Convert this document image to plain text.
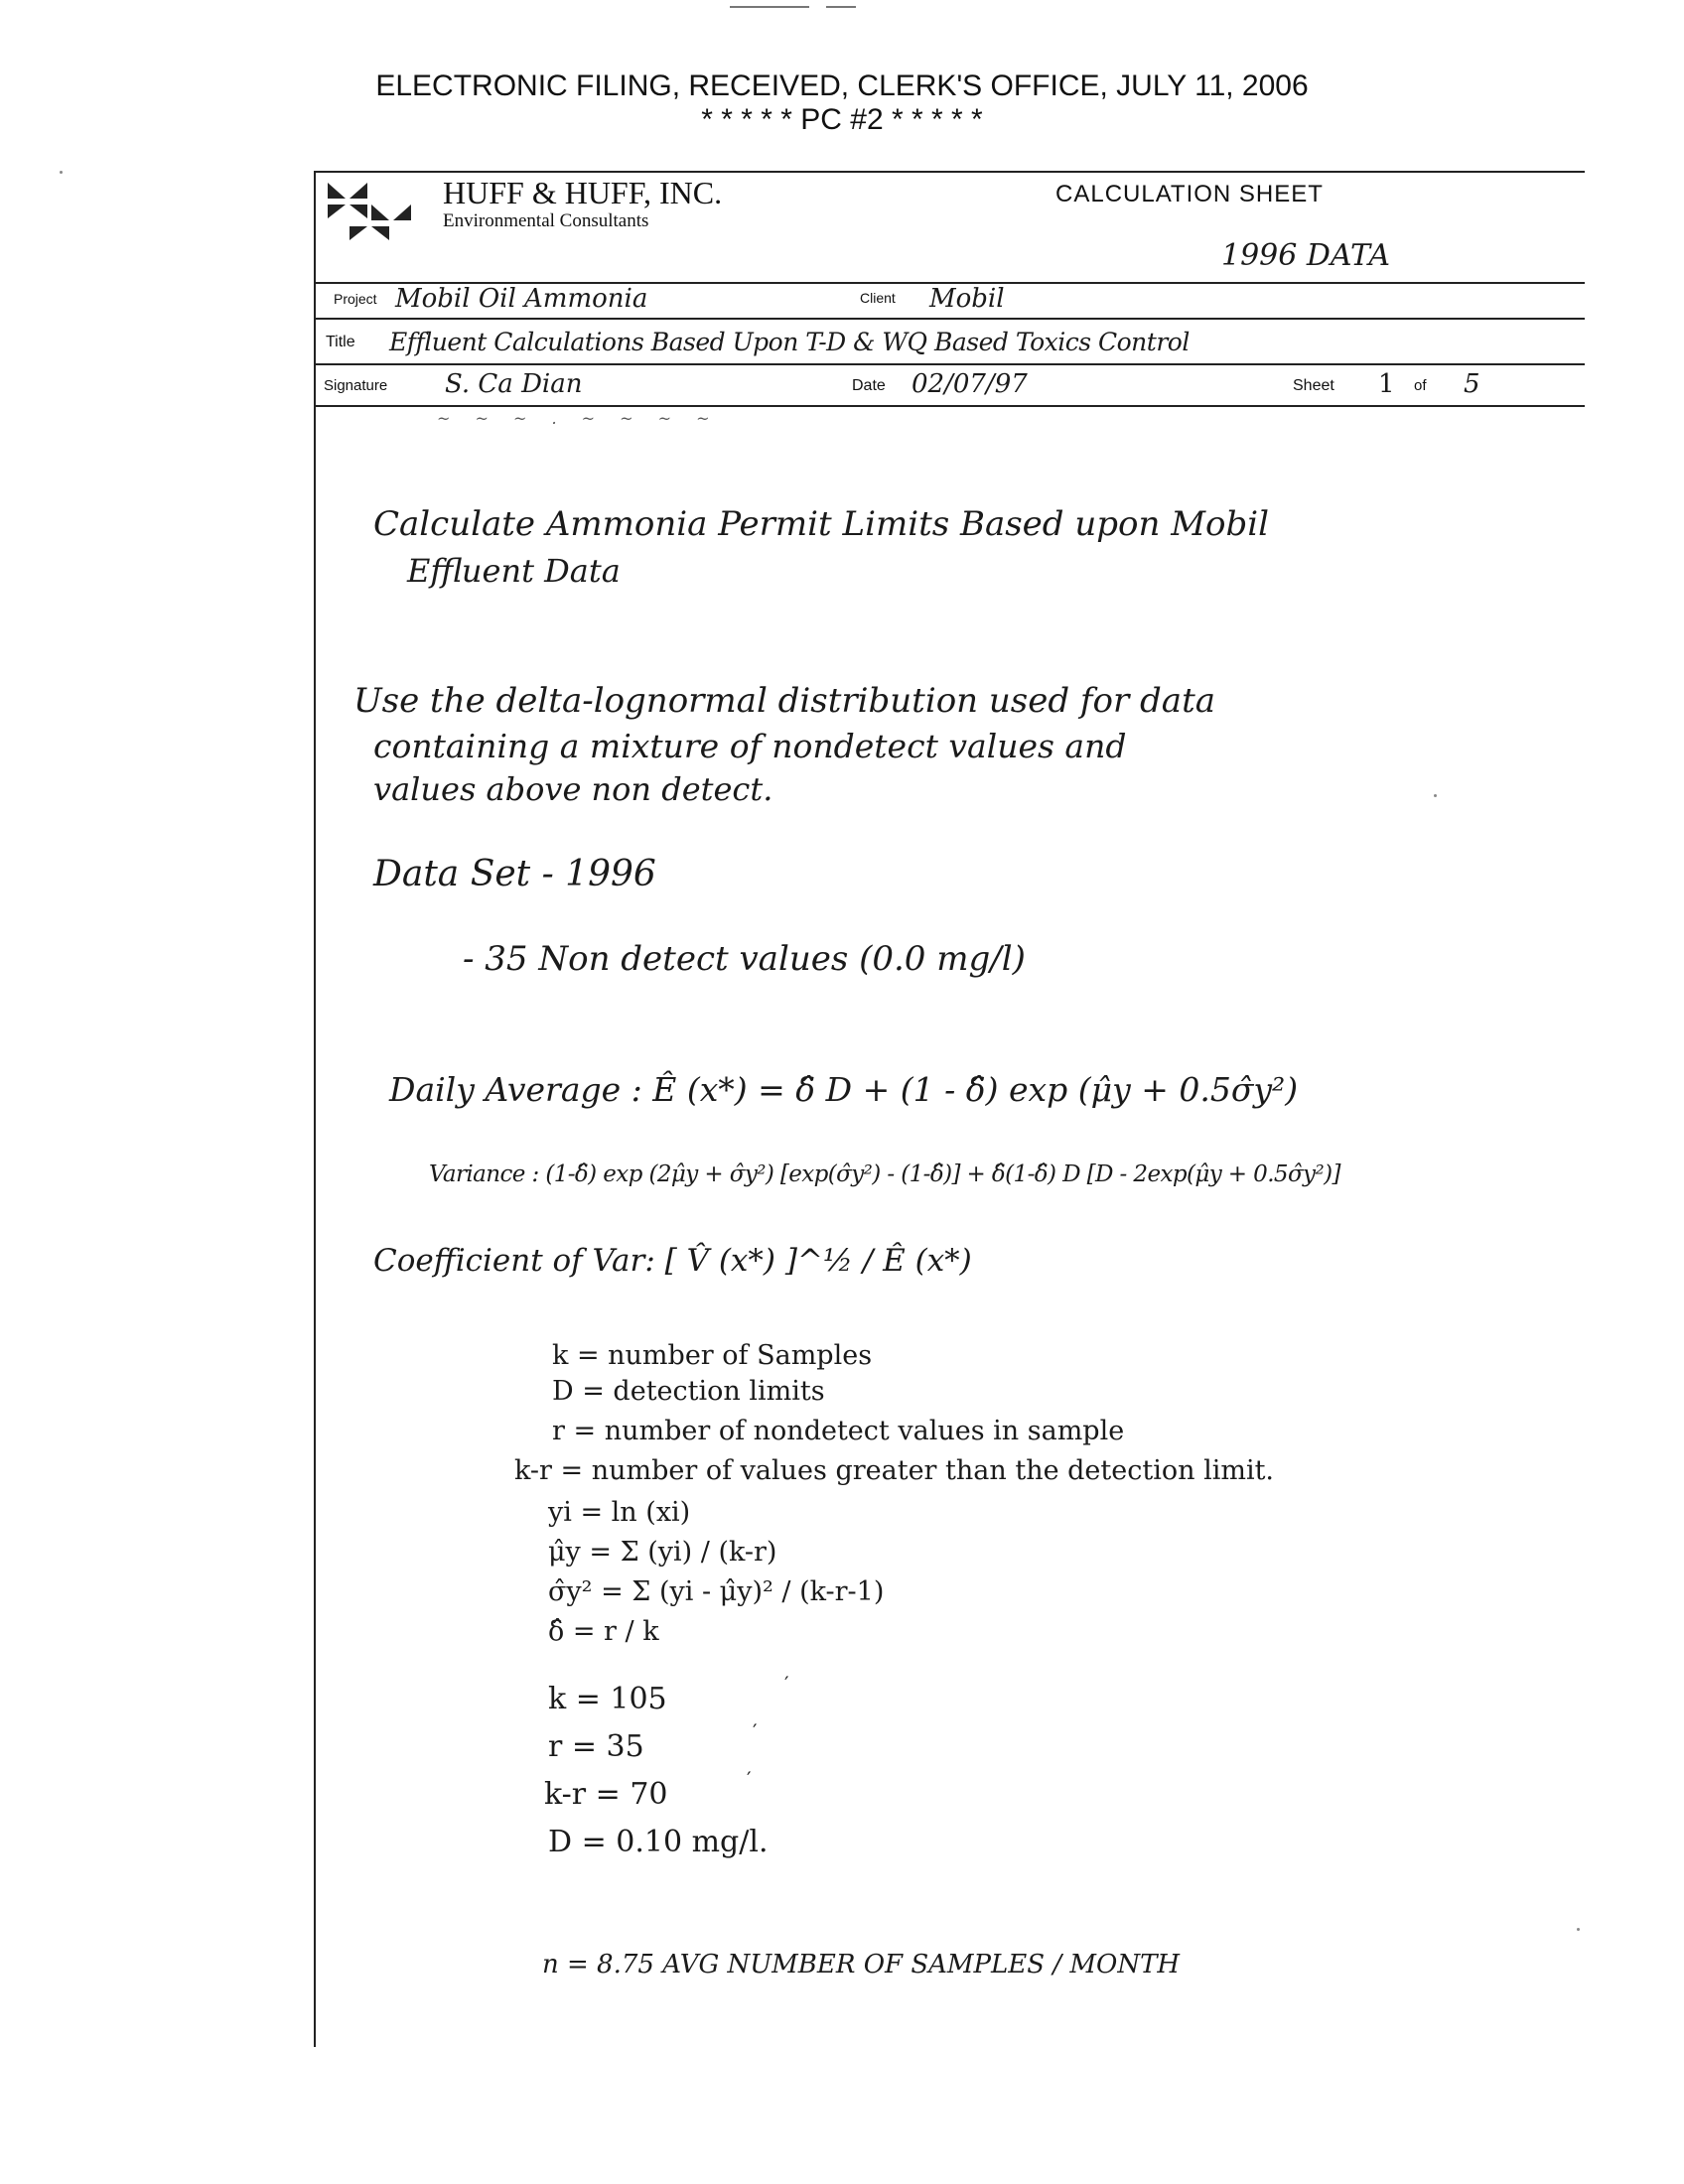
ELECTRONIC FILING, RECEIVED, CLERK'S OFFICE, JULY 11, 2006
* * * * * PC #2 * * * * *
HUFF & HUFF, INC.
Environmental Consultants
CALCULATION SHEET
1996 DATA
Project Mobil Oil Ammonia	Client Mobil
Title Effluent Calculations Based Upon T-D & WQ Based Toxics Control
Signature S. Ca Dian	Date 02/07/97	Sheet 1 of 5
~ ~ ~ . ~ ~ ~ ~
Calculate Ammonia Permit Limits Based upon Mobil
Effluent Data
Use the delta-lognormal distribution used for data
containing a mixture of nondetect values and
values above non detect.
Data Set - 1996
- 35 Non detect values (0.0 mg/l)
Daily Average : Ê (x*) = δ̂ D + (1 - δ̂) exp (μ̂y + 0.5σ̂y²)
Variance : (1-δ̂) exp (2μ̂y + σ̂y²) [exp(σ̂y²) - (1-δ̂)] + δ̂(1-δ̂) D [D - 2exp(μ̂y + 0.5σ̂y²)]
Coefficient of Var: [ V̂ (x*) ]^½ / Ê (x*)
k = number of Samples
D = detection limits
r = number of nondetect values in sample
k-r = number of values greater than the detection limit.
yi = ln (xi)
μ̂y = Σ (yi) / (k-r)
σ̂y² = Σ (yi - μ̂y)² / (k-r-1)
δ̂ = r / k
k = 105
r = 35
k-r = 70
D = 0.10 mg/l.
′
′
′
n = 8.75 AVG NUMBER OF SAMPLES / MONTH
